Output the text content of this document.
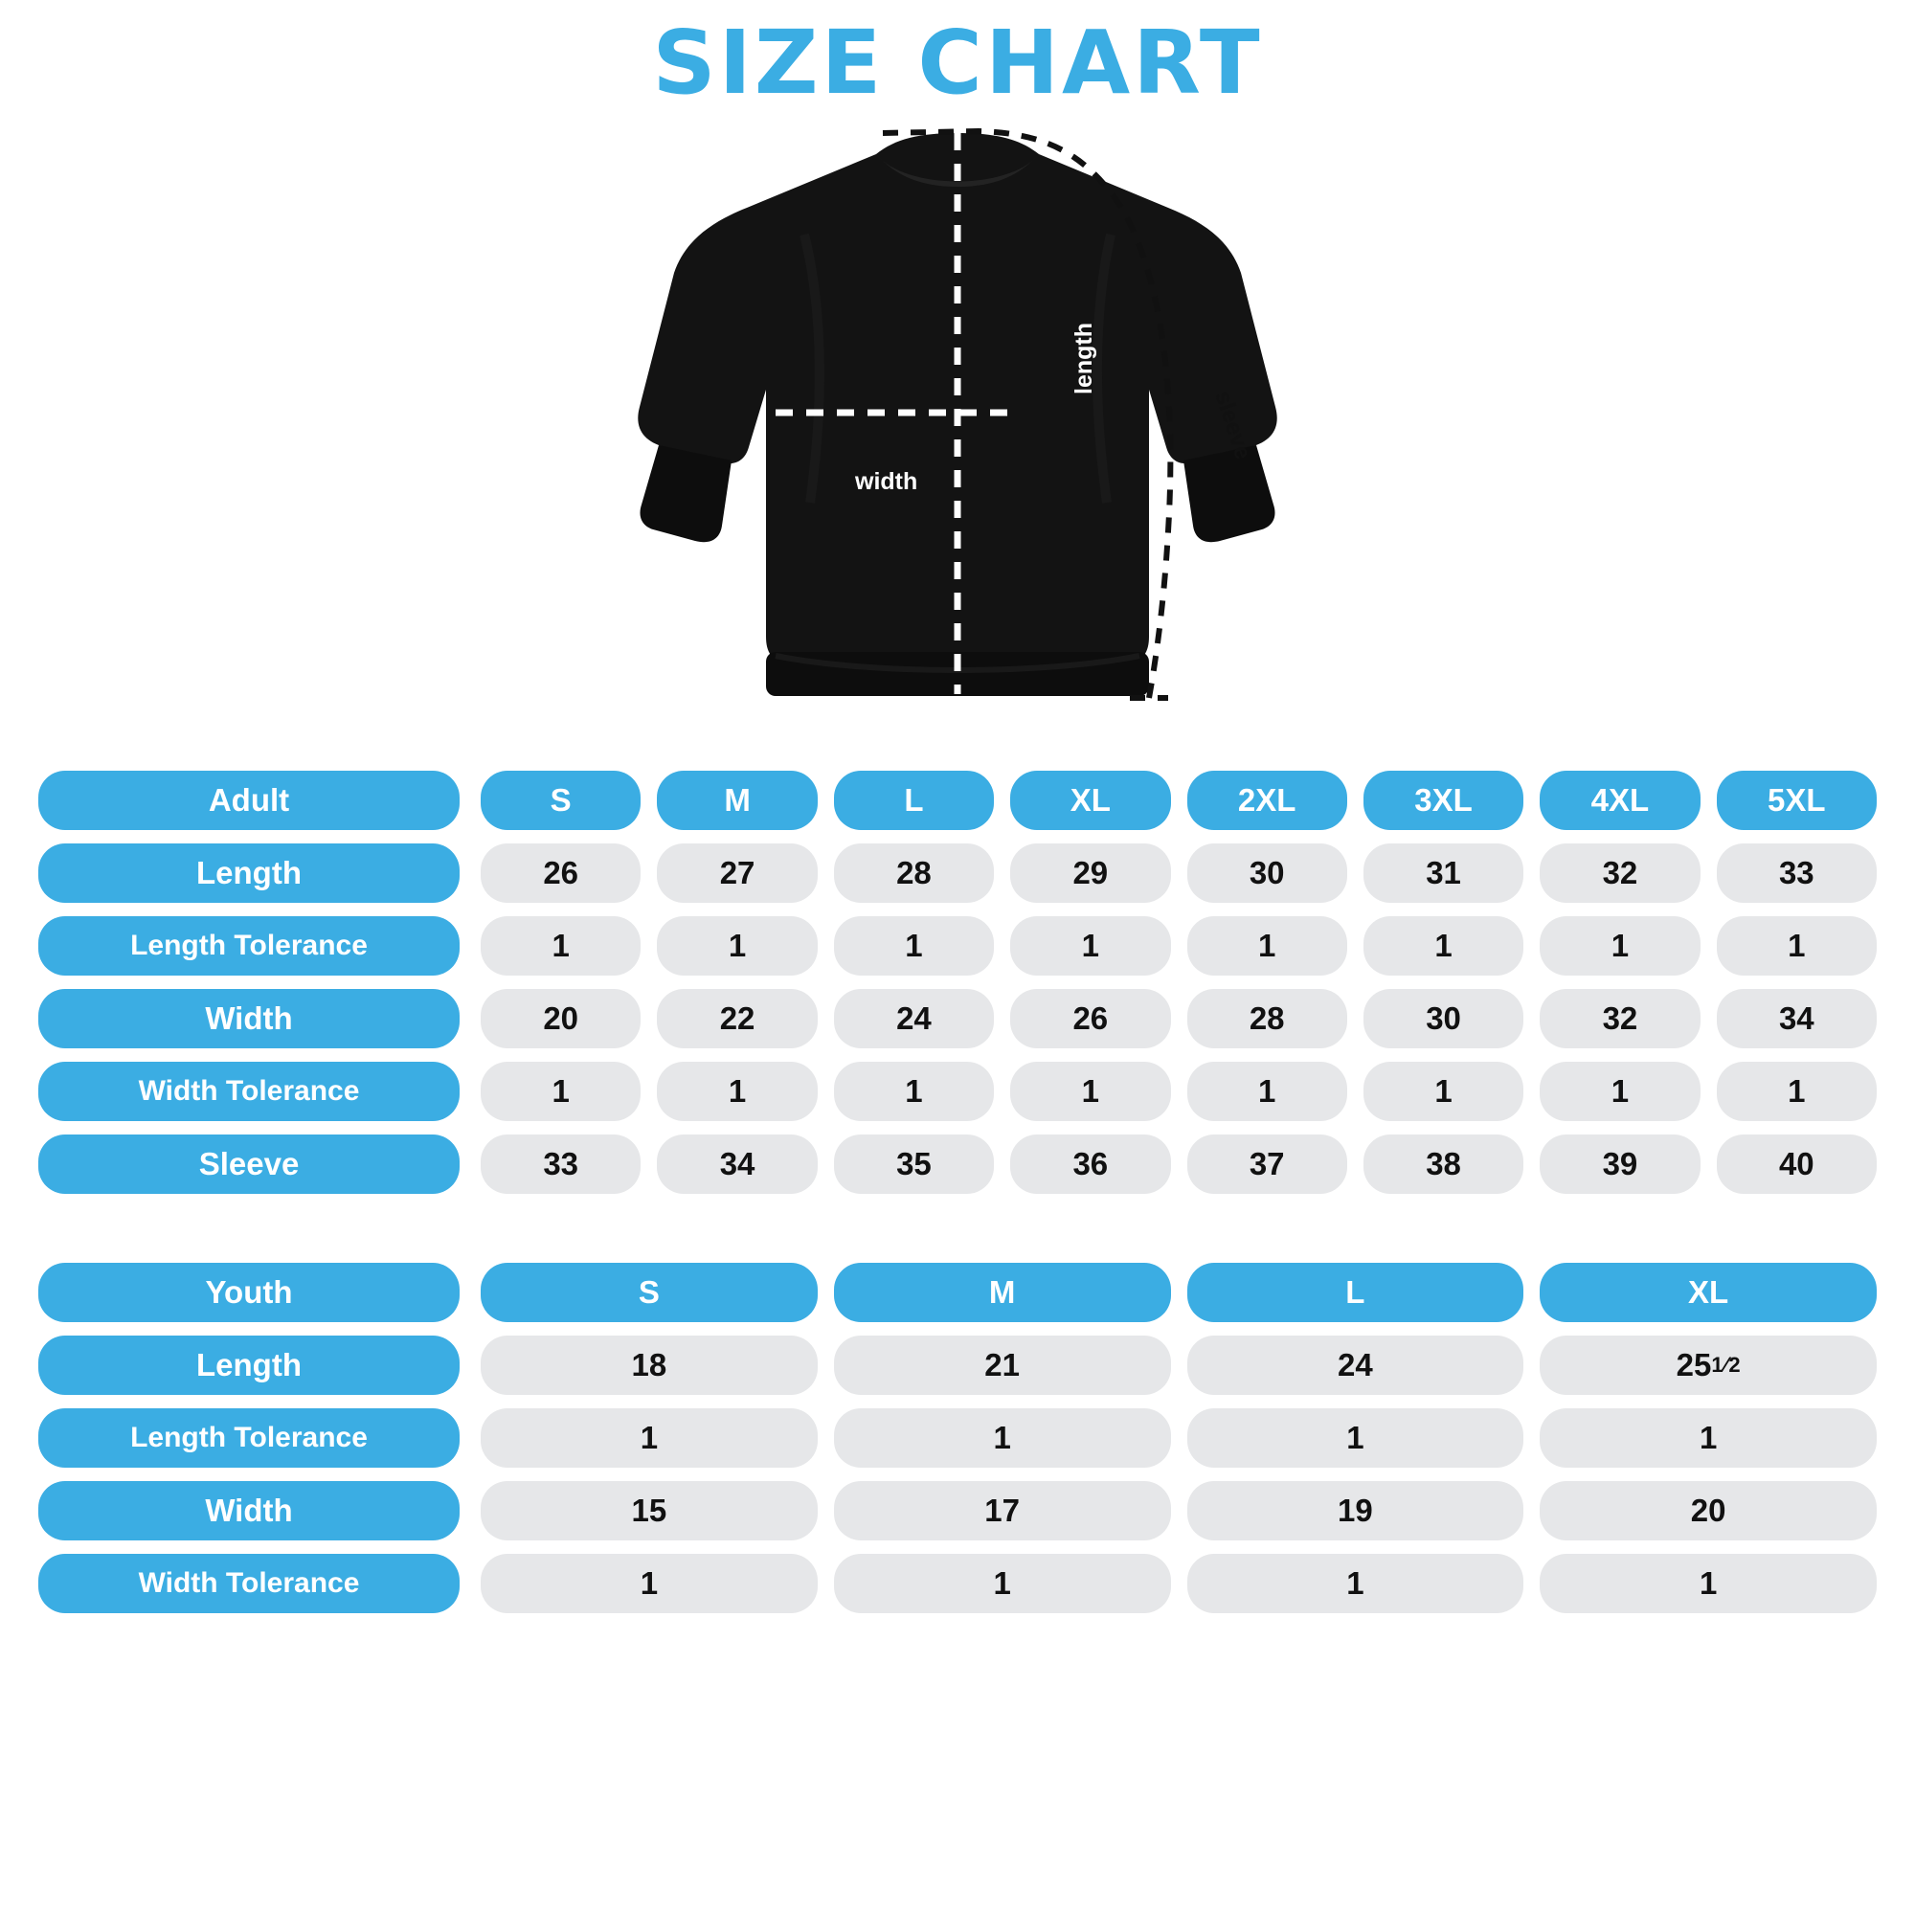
SIZE CHART
length
width
sleeve
Adult	S	M	L	XL	2XL	3XL	4XL	5XL
Length	26	27	28	29	30	31	32	33
Length Tolerance	1	1	1	1	1	1	1	1
Width	20	22	24	26	28	30	32	34
Width Tolerance	1	1	1	1	1	1	1	1
Sleeve	33	34	35	36	37	38	39	40
Youth	S	M	L	XL
Length	18	21	24	25 1⁄2
Length Tolerance	1	1	1	1
Width	15	17	19	20
Width Tolerance	1	1	1	1
